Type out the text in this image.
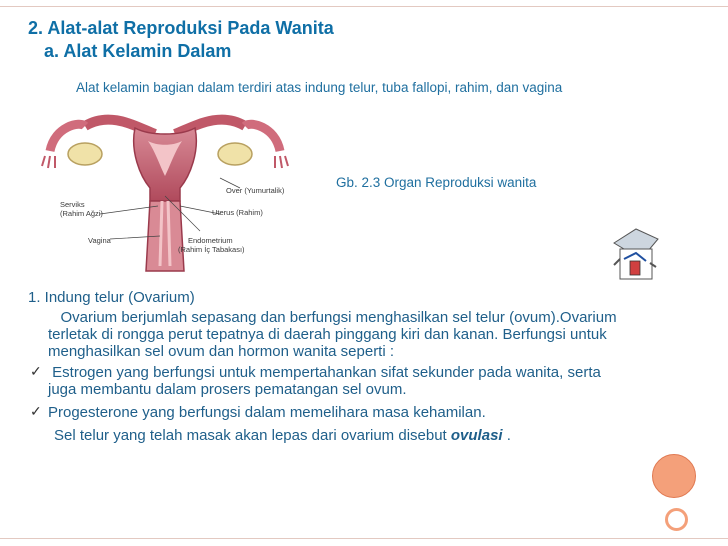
2. Alat-alat Reproduksi Pada Wanita
a. Alat Kelamin Dalam
Alat kelamin bagian dalam terdiri atas indung telur, tuba fallopi, rahim, dan vagina
Over (Yumurtalik)
Serviks
(Rahim Ağzi)	Uterus (Rahim)
Vagina	Endometrium
(Rahim İç Tabakası)
Gb. 2.3 Organ Reproduksi wanita
1. Indung telur (Ovarium)
Ovarium berjumlah sepasang dan berfungsi menghasilkan sel telur (ovum).Ovarium
terletak di rongga perut tepatnya di daerah pinggang kiri dan kanan. Berfungsi untuk
menghasilkan sel ovum dan hormon wanita seperti :
✓ Estrogen yang berfungsi untuk mempertahankan sifat sekunder pada wanita, serta
juga membantu dalam prosers pematangan sel ovum.
✓ Progesterone yang berfungsi dalam memelihara masa kehamilan.
Sel telur yang telah masak akan lepas dari ovarium disebut ovulasi .
